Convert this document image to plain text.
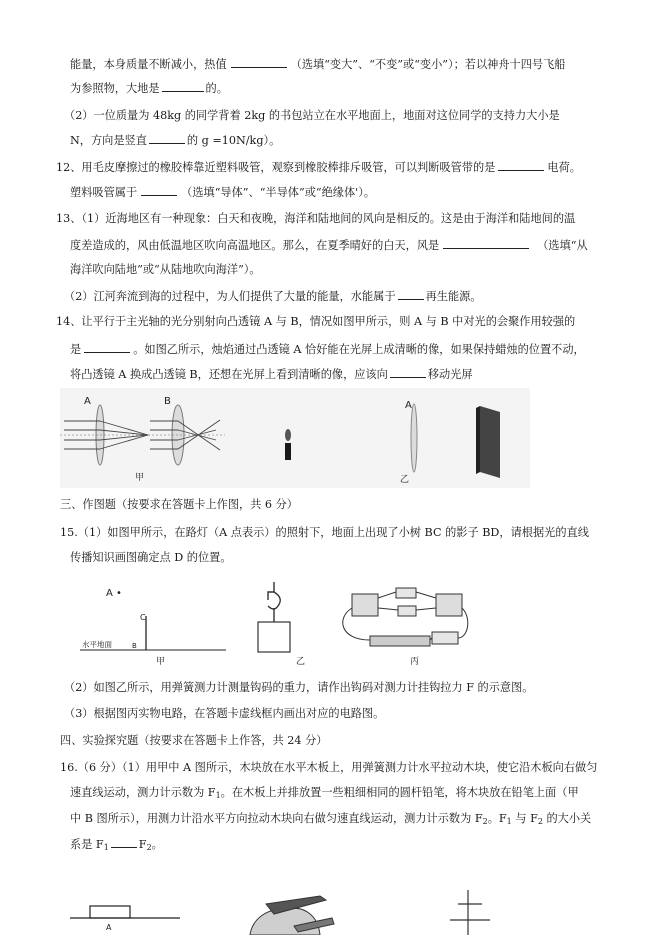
能量，本身质量不断减小，热值	（选填“变大”、“不变”或“变小”）；若以神舟十四号飞船
为参照物，大地是	的。
（2）一位质量为 48kg 的同学背着 2kg 的书包站立在水平地面上，地面对这位同学的支持力大小是
N，方向是竖直	的 g =10N/kg）。
12、用毛皮摩擦过的橡胶棒靠近塑料吸管，观察到橡胶棒排斥吸管，可以判断吸管带的是	电荷。
塑料吸管属于	（选填“导体”、“半导体”或“绝缘体'）。
13、（1）近海地区有一种现象：白天和夜晚，海洋和陆地间的风向是相反的。这是由于海洋和陆地间的温
度差造成的，风由低温地区吹向高温地区。那么，在夏季晴好的白天，风是	（选填“从
海洋吹向陆地”或“从陆地吹向海洋”）。
（2）江河奔流到海的过程中，为人们提供了大量的能量，水能属于	再生能源。
14、让平行于主光轴的光分别射向凸透镜 A 与 B，情况如图甲所示，则 A 与 B 中对光的会聚作用较强的
是	。如图乙所示，烛焰通过凸透镜 A 恰好能在光屏上成清晰的像，如果保持蜡烛的位置不动，
将凸透镜 A 换成凸透镜 B，还想在光屏上看到清晰的像，应该向	移动光屏
A	B
甲
A
乙
三、作图题（按要求在答题卡上作图，共 6 分）
15.（1）如图甲所示，在路灯（A 点表示）的照射下，地面上出现了小树 BC 的影子 BD，请根据光的直线
传播知识画图确定点 D 的位置。
A •
C
水平地面	B
甲	乙	丙
（2）如图乙所示，用弹簧测力计测量钩码的重力，请作出钩码对测力计挂钩拉力 F 的示意图。
（3）根据图丙实物电路，在答题卡虚线框内画出对应的电路图。
四、实验探究题（按要求在答题卡上作答，共 24 分）
16.（6 分）（1）用甲中 A 图所示，木块放在水平木板上，用弹簧测力计水平拉动木块，使它沿木板向右做匀
速直线运动，测力计示数为 $F_1$。在木板上并排放置一些粗细相同的圆杆铅笔，将木块放在铅笔上面（甲
中 B 图所示），用测力计沿水平方向拉动木块向右做匀速直线运动，测力计示数为 $F_2$。$F_1$ 与 $F_2$ 的大小关
系是 $F_1$	$F_2$。
A
